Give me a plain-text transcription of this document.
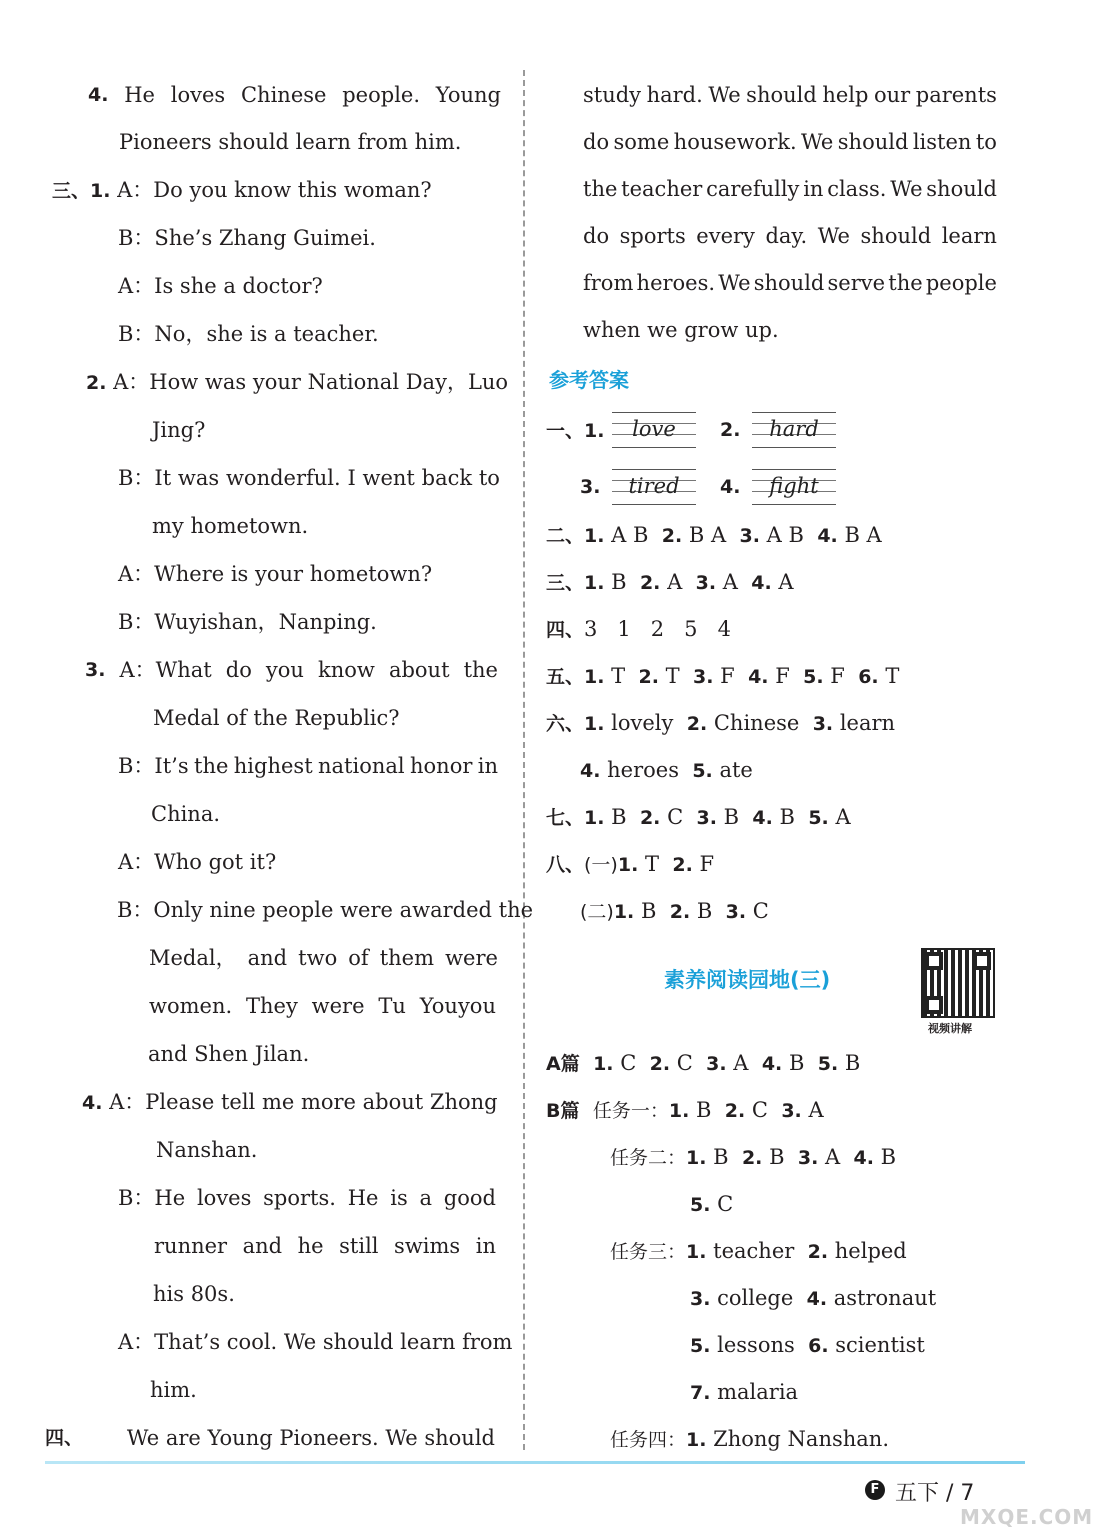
4. He loves Chinese people. Young
Pioneers should learn from him.
三、1. A：Do you know this woman?
B：She’s Zhang Guimei.
A：Is she a doctor?
B：No，she is a teacher.
2. A：How was your National Day，Luo
Jing?
B：It was wonderful. I went back to
my hometown.
A：Where is your hometown?
B：Wuyishan，Nanping.
3. A：What do you know about the
Medal of the Republic?
B：It’s the highest national honor in
China.
A：Who got it?
B：Only nine people were awarded the
Medal， and two of them were
women. They were Tu Youyou
and Shen Jilan.
4. A：Please tell me more about Zhong
Nanshan.
B：He loves sports. He is a good
runner and he still swims in
his 80s.
A：That’s cool. We should learn from
him.
四、 We are Young Pioneers. We should
study hard. We should help our parents
do some housework. We should listen to
the teacher carefully in class. We should
do sports every day. We should learn
from heroes. We should serve the people
when we grow up.
参考答案
一、1.	love	2.	hard
3.	tired	4.	fight
二、1. A B  2. B A  3. A B  4. B A
三、1. B  2. A  3. A  4. A
四、3   1   2   5   4
五、1. T  2. T  3. F  4. F  5. F  6. T
六、1. lovely  2. Chinese  3. learn
4. heroes  5. ate
七、1. B  2. C  3. B  4. B  5. A
八、(一)1. T  2. F
(二)1. B  2. B  3. C
素养阅读园地(三)
视频讲解
A篇 1. C  2. C  3. A  4. B  5. B
B篇 任务一：1. B  2. C  3. A
任务二：1. B  2. B  3. A  4. B
5. C
任务三：1. teacher  2. helped
3. college  4. astronaut
5. lessons  6. scientist
7. malaria
任务四：1. Zhong Nanshan.
F 五下 / 7
MXQE.COM
